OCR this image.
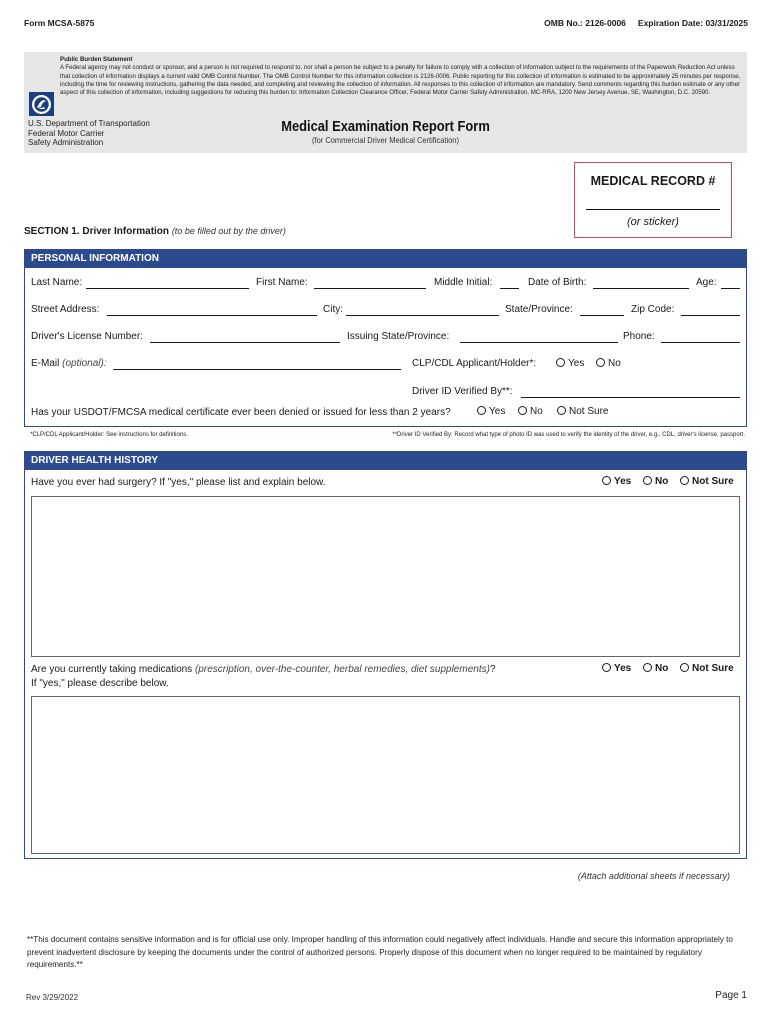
Form MCSA-5875	OMB No.: 2126-0006 Expiration Date: 03/31/2025
Public Burden Statement
A Federal agency may not conduct or sponsor, and a person is not required to respond to, nor shall a person be subject to a penalty for failure to comply with a collection of information subject to the requirements of the Paperwork Reduction Act unless that collection of information displays a current valid OMB Control Number. The OMB Control Number for this information collection is 2126-0006. Public reporting for this collection of information is estimated to be approximately 25 minutes per response, including the time for reviewing instructions, gathering the data needed, and completing and reviewing the collection of information. All responses to this collection of information are mandatory. Send comments regarding this burden estimate or any other aspect of this collection of information, including suggestions for reducing this burden to: Information Collection Clearance Officer, Federal Motor Carrier Safety Administration, MC-RRA, 1200 New Jersey Avenue, SE, Washington, D.C. 20590.
U.S. Department of Transportation
Federal Motor Carrier
Safety Administration
Medical Examination Report Form
(for Commercial Driver Medical Certification)
MEDICAL RECORD #
(or sticker)
SECTION 1. Driver Information (to be filled out by the driver)
PERSONAL INFORMATION
Last Name:	First Name:	Middle Initial:	Date of Birth:	Age:
Street Address:	City:	State/Province:	Zip Code:
Driver's License Number:	Issuing State/Province:	Phone:
E-Mail (optional):	CLP/CDL Applicant/Holder*:	Yes	No
Driver ID Verified By**:
Has your USDOT/FMCSA medical certificate ever been denied or issued for less than 2 years?	Yes	No	Not Sure
*CLP/CDL Applicant/Holder: See instructions for definitions.	**Driver ID Verified By: Record what type of photo ID was used to verify the identity of the driver, e.g., CDL, driver's license, passport.
DRIVER HEALTH HISTORY
Have you ever had surgery? If "yes," please list and explain below.	Yes	No	Not Sure
Are you currently taking medications (prescription, over-the-counter, herbal remedies, diet supplements)?
If "yes," please describe below.
Yes	No	Not Sure
(Attach additional sheets if necessary)
**This document contains sensitive information and is for official use only. Improper handling of this information could negatively affect individuals. Handle and secure this information appropriately to prevent inadvertent disclosure by keeping the documents under the control of authorized persons. Properly dispose of this document when no longer required to be maintained by regulatory requirements.**
Rev 3/29/2022	Page 1
